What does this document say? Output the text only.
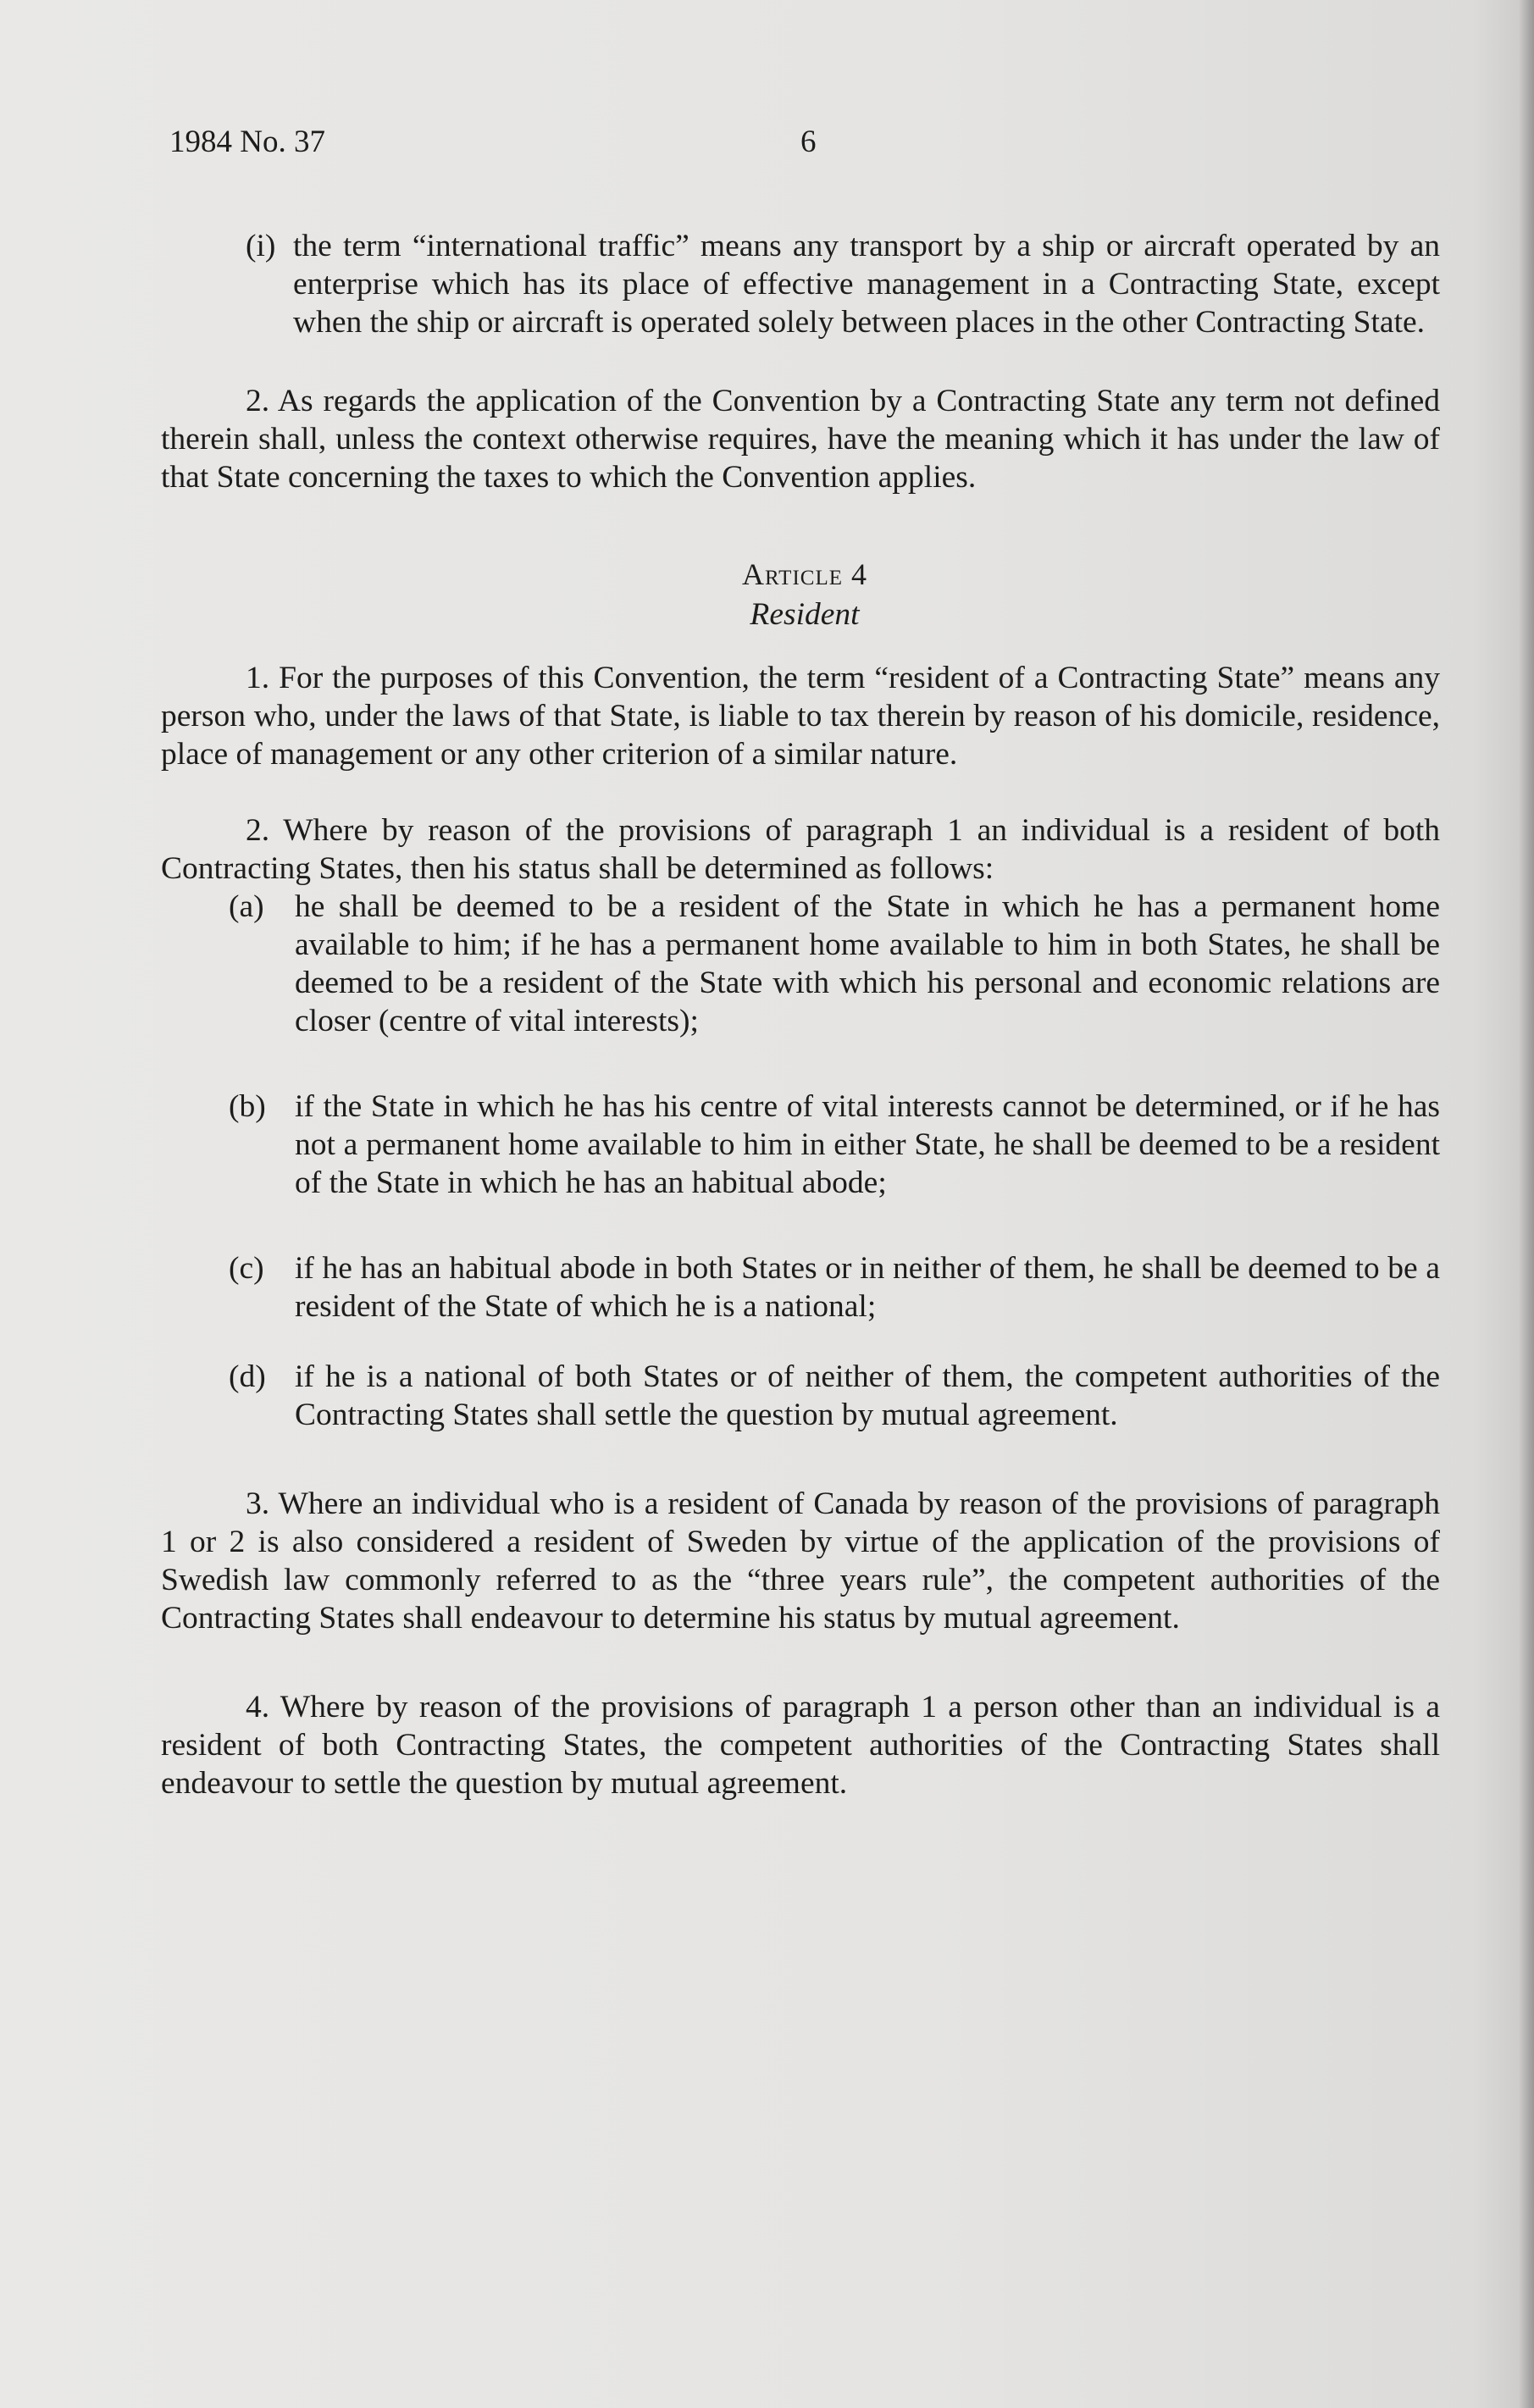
1984 No. 37	6
(i) the term “international traffic” means any transport by a ship or aircraft operated by an enterprise which has its place of effective management in a Contracting State, except when the ship or aircraft is operated solely between places in the other Contracting State.

2. As regards the application of the Convention by a Contracting State any term not defined therein shall, unless the context otherwise requires, have the meaning which it has under the law of that State concerning the taxes to which the Convention applies.

Article 4
Resident

1. For the purposes of this Convention, the term “resident of a Contracting State” means any person who, under the laws of that State, is liable to tax therein by reason of his domicile, residence, place of management or any other criterion of a similar nature.

2. Where by reason of the provisions of paragraph 1 an individual is a resident of both Contracting States, then his status shall be determined as follows:

(a) he shall be deemed to be a resident of the State in which he has a permanent home available to him; if he has a permanent home available to him in both States, he shall be deemed to be a resident of the State with which his personal and economic relations are closer (centre of vital interests);
(b) if the State in which he has his centre of vital interests cannot be determined, or if he has not a permanent home available to him in either State, he shall be deemed to be a resident of the State in which he has an habitual abode;
(c) if he has an habitual abode in both States or in neither of them, he shall be deemed to be a resident of the State of which he is a national;
(d) if he is a national of both States or of neither of them, the competent authorities of the Contracting States shall settle the question by mutual agreement.

3. Where an individual who is a resident of Canada by reason of the provisions of paragraph 1 or 2 is also considered a resident of Sweden by virtue of the application of the provisions of Swedish law commonly referred to as the “three years rule”, the competent authorities of the Contracting States shall endeavour to determine his status by mutual agreement.

4. Where by reason of the provisions of paragraph 1 a person other than an individual is a resident of both Contracting States, the competent authorities of the Contracting States shall endeavour to settle the question by mutual agreement.
